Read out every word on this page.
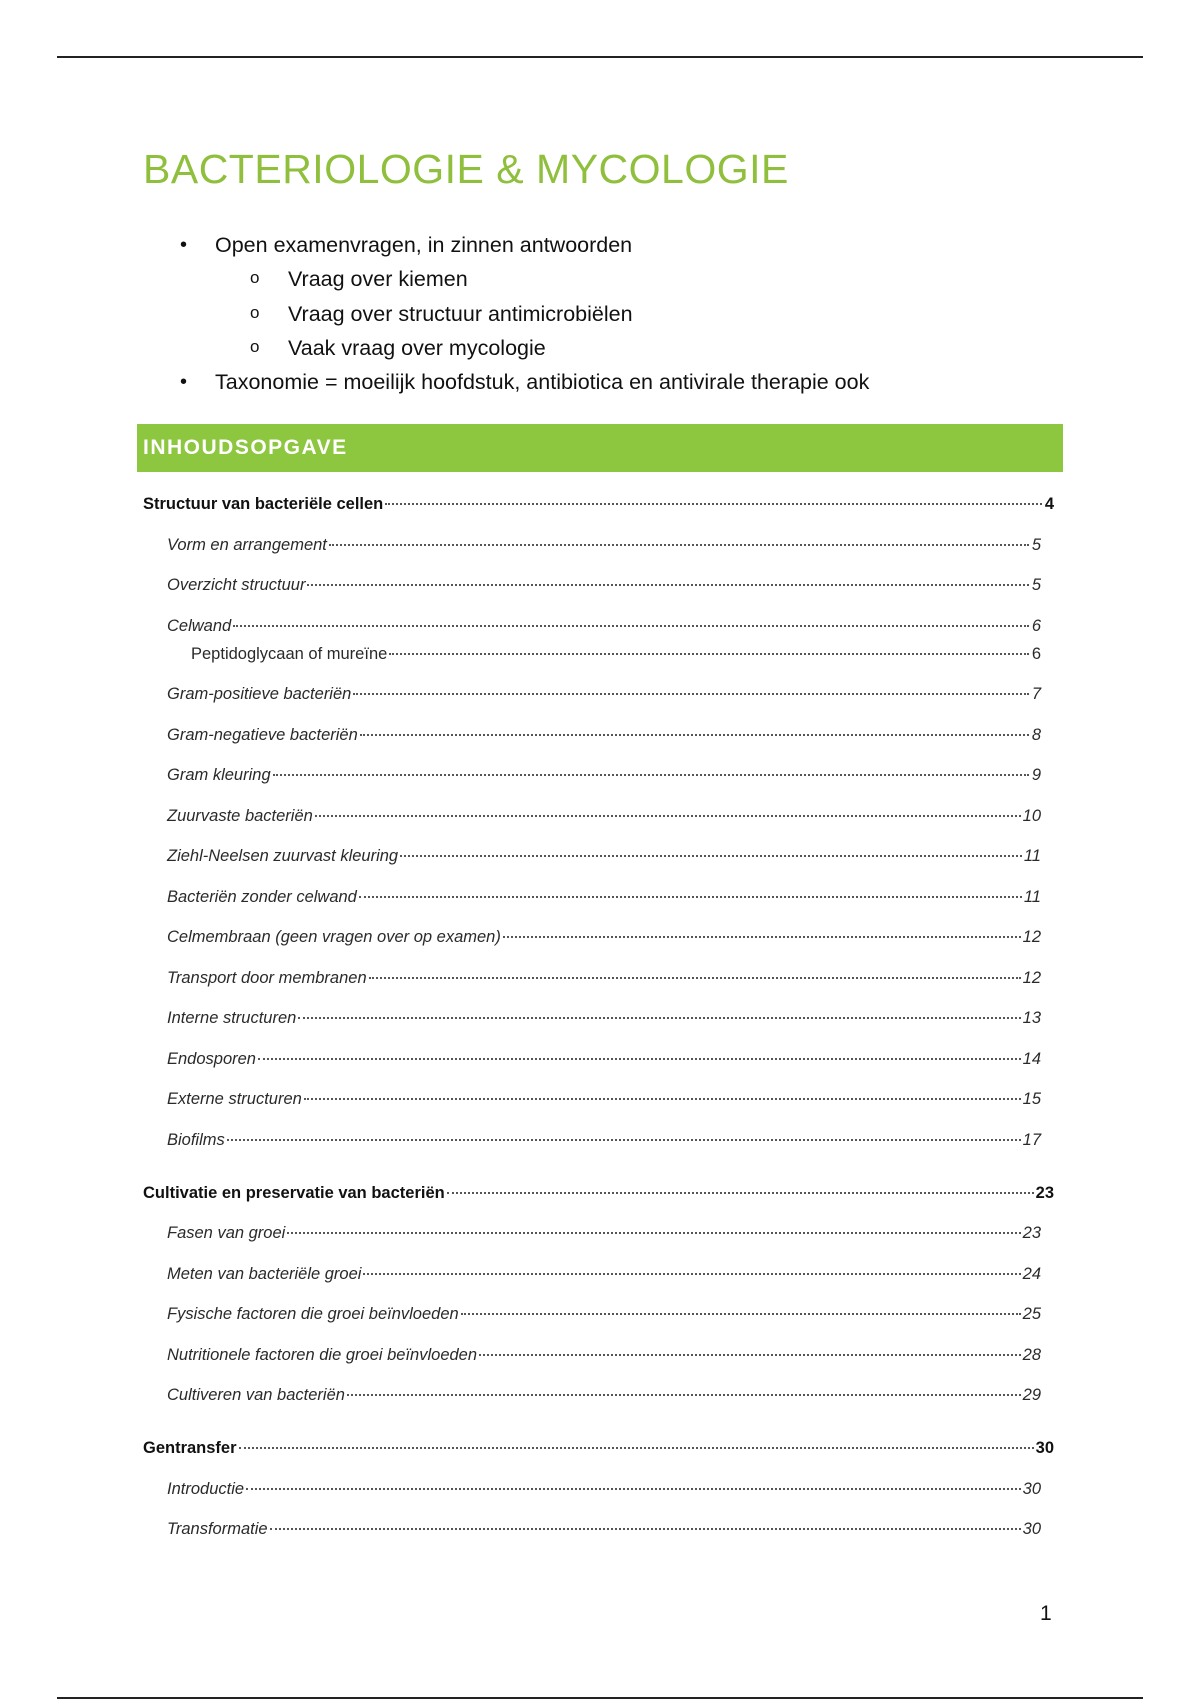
BACTERIOLOGIE & MYCOLOGIE
• Open examenvragen, in zinnen antwoorden
o Vraag over kiemen
o Vraag over structuur antimicrobiëlen
o Vaak vraag over mycologie
• Taxonomie = moeilijk hoofdstuk, antibiotica en antivirale therapie ook
INHOUDSOPGAVE
Structuur van bacteriële cellen	4
Vorm en arrangement	5
Overzicht structuur	5
Celwand	6
Peptidoglycaan of mureïne	6
Gram-positieve bacteriën	7
Gram-negatieve bacteriën	8
Gram kleuring	9
Zuurvaste bacteriën	10
Ziehl-Neelsen zuurvast kleuring	11
Bacteriën zonder celwand	11
Celmembraan (geen vragen over op examen)	12
Transport door membranen	12
Interne structuren	13
Endosporen	14
Externe structuren	15
Biofilms	17
Cultivatie en preservatie van bacteriën	23
Fasen van groei	23
Meten van bacteriële groei	24
Fysische factoren die groei beïnvloeden	25
Nutritionele factoren die groei beïnvloeden	28
Cultiveren van bacteriën	29
Gentransfer	30
Introductie	30
Transformatie	30
1
